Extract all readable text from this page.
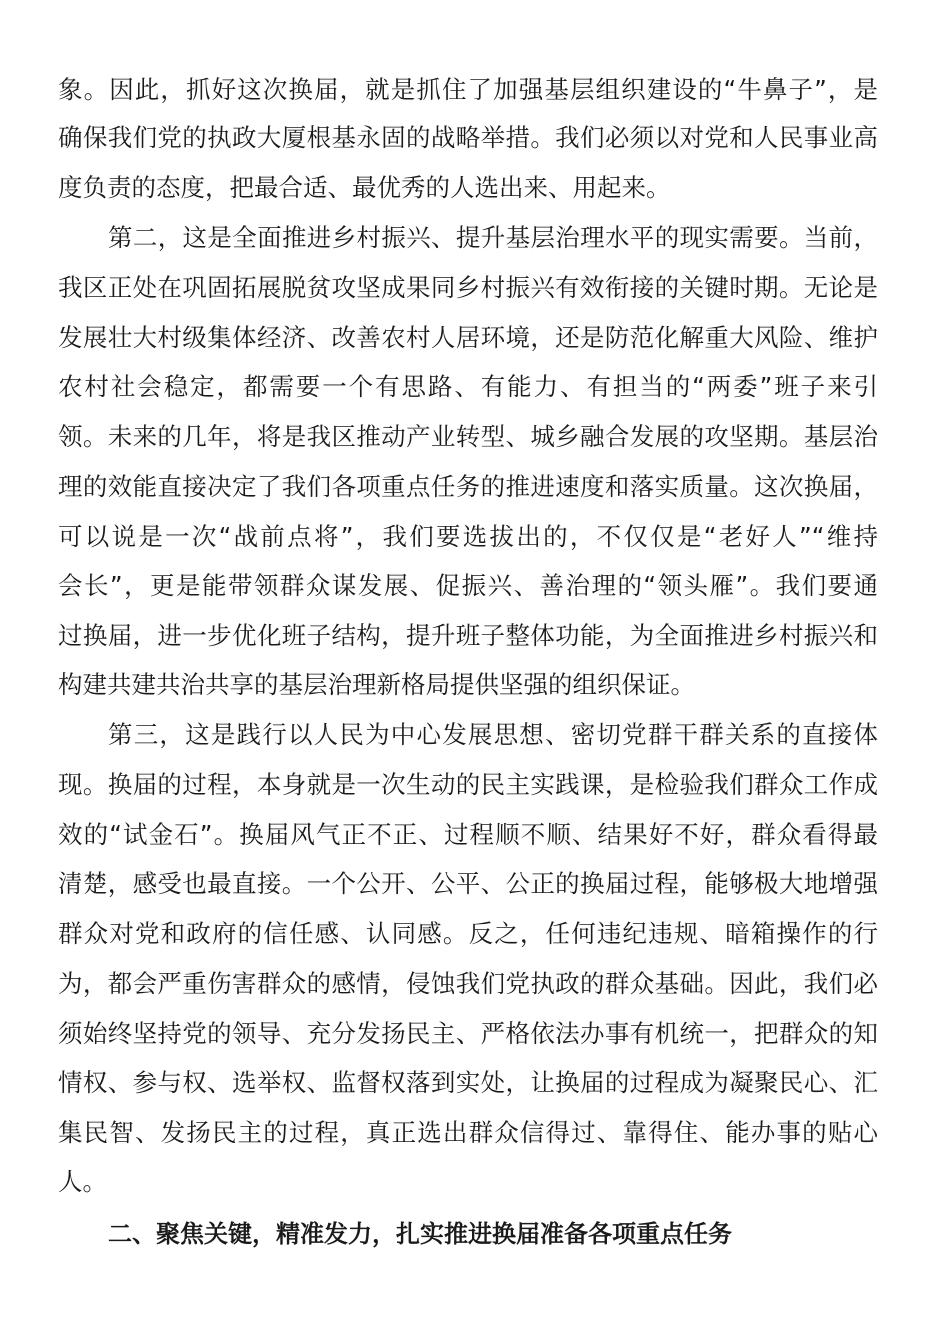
象。因此，抓好这次换届，就是抓住了加强基层组织建设的“牛鼻子”，是
确保我们党的执政大厦根基永固的战略举措。我们必须以对党和人民事业高
度负责的态度，把最合适、最优秀的人选出来、用起来。
第二，这是全面推进乡村振兴、提升基层治理水平的现实需要。当前，
我区正处在巩固拓展脱贫攻坚成果同乡村振兴有效衔接的关键时期。无论是
发展壮大村级集体经济、改善农村人居环境，还是防范化解重大风险、维护
农村社会稳定，都需要一个有思路、有能力、有担当的“两委”班子来引
领。未来的几年，将是我区推动产业转型、城乡融合发展的攻坚期。基层治
理的效能直接决定了我们各项重点任务的推进速度和落实质量。这次换届，
可以说是一次“战前点将”，我们要选拔出的，不仅仅是“老好人”“维持
会长”，更是能带领群众谋发展、促振兴、善治理的“领头雁”。我们要通
过换届，进一步优化班子结构，提升班子整体功能，为全面推进乡村振兴和
构建共建共治共享的基层治理新格局提供坚强的组织保证。
第三，这是践行以人民为中心发展思想、密切党群干群关系的直接体
现。换届的过程，本身就是一次生动的民主实践课，是检验我们群众工作成
效的“试金石”。换届风气正不正、过程顺不顺、结果好不好，群众看得最
清楚，感受也最直接。一个公开、公平、公正的换届过程，能够极大地增强
群众对党和政府的信任感、认同感。反之，任何违纪违规、暗箱操作的行
为，都会严重伤害群众的感情，侵蚀我们党执政的群众基础。因此，我们必
须始终坚持党的领导、充分发扬民主、严格依法办事有机统一，把群众的知
情权、参与权、选举权、监督权落到实处，让换届的过程成为凝聚民心、汇
集民智、发扬民主的过程，真正选出群众信得过、靠得住、能办事的贴心
人。
二、聚焦关键，精准发力，扎实推进换届准备各项重点任务
